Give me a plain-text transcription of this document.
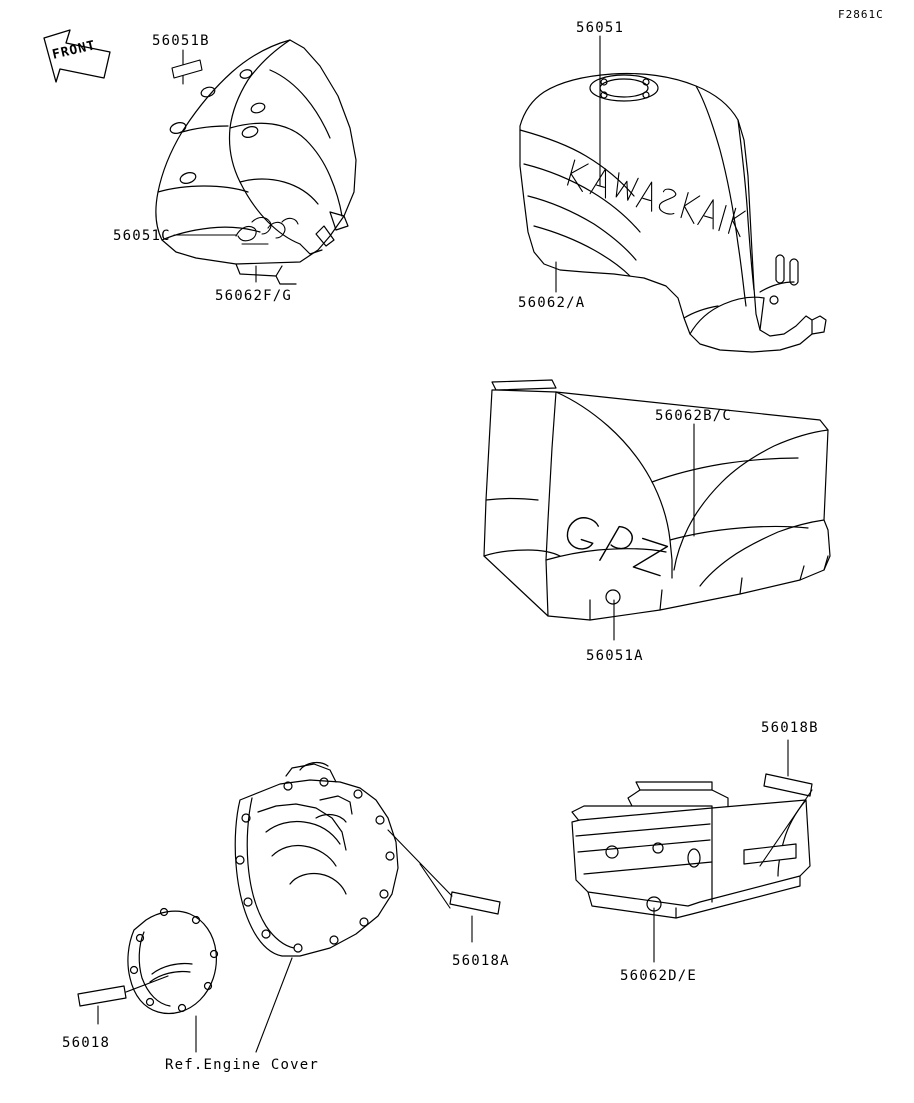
F2861C
FRONT	56051B
56051
56051C
56062F/G	56062/A
56062B/C
56051A
56018B
56018A
56018
56062D/E
Ref.Engine Cover
